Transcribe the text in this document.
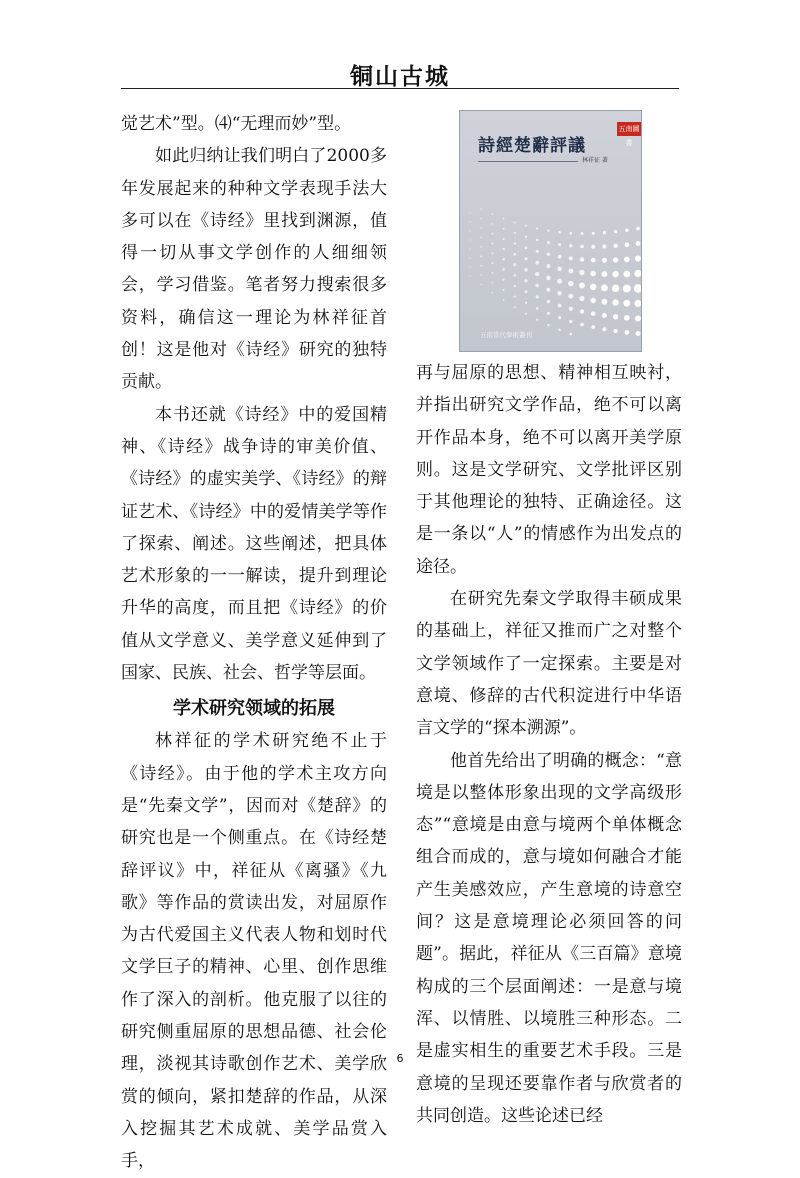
铜山古城

觉艺术”型。⑷“无理而妙”型。

如此归纳让我们明白了2000多年发展起来的种种文学表现手法大多可以在《诗经》里找到渊源，值得一切从事文学创作的人细细领会，学习借鉴。笔者努力搜索很多资料，确信这一理论为林祥征首创！这是他对《诗经》研究的独特贡献。

本书还就《诗经》中的爱国精神、《诗经》战争诗的审美价值、《诗经》的虚实美学、《诗经》的辩证艺术、《诗经》中的爱情美学等作了探索、阐述。这些阐述，把具体艺术形象的一一解读，提升到理论升华的高度，而且把《诗经》的价值从文学意义、美学意义延伸到了国家、民族、社会、哲学等层面。

学术研究领域的拓展

林祥征的学术研究绝不止于《诗经》。由于他的学术主攻方向是“先秦文学”，因而对《楚辞》的研究也是一个侧重点。在《诗经楚辞评议》中，祥征从《离骚》《九歌》等作品的赏读出发，对屈原作为古代爱国主义代表人物和划时代文学巨子的精神、心里、创作思维作了深入的剖析。他克服了以往的研究侧重屈原的思想品德、社会伦理，淡视其诗歌创作艺术、美学欣赏的倾向，紧扣楚辞的作品，从深入挖掘其艺术成就、美学品赏入手，

五南圖書
詩經楚辭評議
林祥征 著
五南當代學術叢刊

再与屈原的思想、精神相互映衬，并指出研究文学作品，绝不可以离开作品本身，绝不可以离开美学原则。这是文学研究、文学批评区别于其他理论的独特、正确途径。这是一条以“人”的情感作为出发点的途径。

在研究先秦文学取得丰硕成果的基础上，祥征又推而广之对整个文学领域作了一定探索。主要是对意境、修辞的古代积淀进行中华语言文学的“探本溯源”。

他首先给出了明确的概念：“意境是以整体形象出现的文学高级形态”“意境是由意与境两个单体概念组合而成的，意与境如何融合才能产生美感效应，产生意境的诗意空间？这是意境理论必须回答的问题”。据此，祥征从《三百篇》意境构成的三个层面阐述：一是意与境浑、以情胜、以境胜三种形态。二是虚实相生的重要艺术手段。三是意境的呈现还要靠作者与欣赏者的共同创造。这些论述已经

6
